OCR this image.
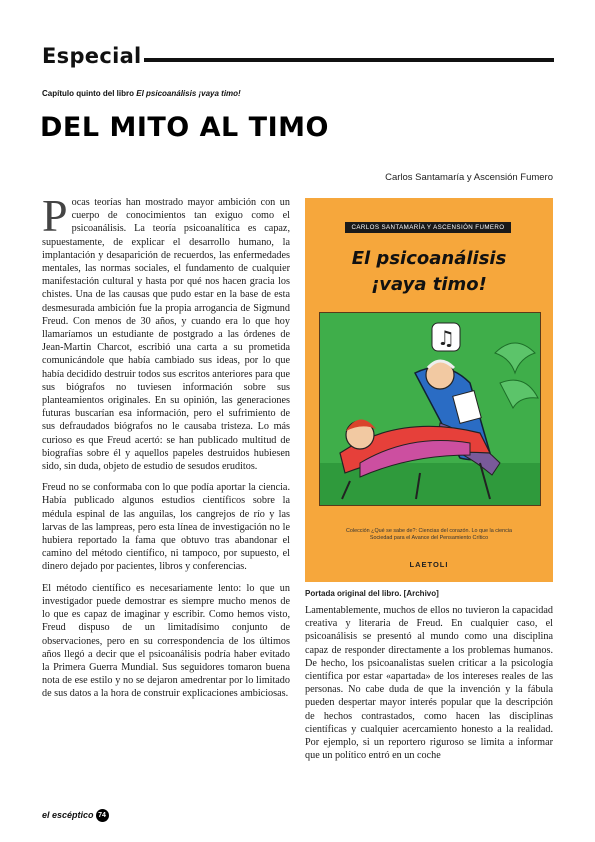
Especial
Capítulo quinto del libro El psicoanálisis ¡vaya timo!
DEL MITO AL TIMO
Carlos Santamaría y Ascensión Fumero

Pocas teorías han mostrado mayor ambición con un cuerpo de conocimientos tan exiguo como el psicoanálisis. La teoría psicoanalítica es capaz, supuestamente, de explicar el desarrollo humano, la implantación y desaparición de recuerdos, las enfermedades mentales, las normas sociales, el fundamento de cualquier manifestación cultural y hasta por qué nos hacen gracia los chistes. Una de las causas que pudo estar en la base de esta desmesurada ambición fue la propia arrogancia de Sigmund Freud. Con menos de 30 años, y cuando era lo que hoy llamaríamos un estudiante de postgrado a las órdenes de Jean-Martin Charcot, escribió una carta a su prometida comunicándole que había cambiado sus ideas, por lo que había decidido destruir todos sus escritos anteriores para que sus biógrafos no tuviesen información sobre sus planteamientos originales. En su opinión, las generaciones futuras buscarían esa información, pero el sufrimiento de sus defraudados biógrafos no le causaba tristeza. Lo más curioso es que Freud acertó: se han publicado multitud de biografías sobre él y aquellos papeles destruidos hubiesen sido, sin duda, objeto de estudio de sesudos eruditos.

Freud no se conformaba con lo que podía aportar la ciencia. Había publicado algunos estudios científicos sobre la médula espinal de las anguilas, los cangrejos de río y las larvas de las lampreas, pero esta línea de investigación no le hubiera reportado la fama que obtuvo tras abandonar el camino del método científico, ni tampoco, por supuesto, el dinero dejado por pacientes, libros y conferencias.

El método científico es necesariamente lento: lo que un investigador puede demostrar es siempre mucho menos de lo que es capaz de imaginar y escribir. Como hemos visto, Freud dispuso de un limitadísimo conjunto de observaciones, pero en su correspondencia de los últimos años llegó a decir que el psicoanálisis podría haber evitado la Primera Guerra Mundial. Sus seguidores tomaron buena nota de ese estilo y no se dejaron amedrentar por lo limitado de sus datos a la hora de construir explicaciones ambiciosas.

CARLOS SANTAMARÍA Y ASCENSIÓN FUMERO
El psicoanálisis
¡vaya timo!
♫
Colección ¿Qué se sabe de?: Ciencias del corazón. Lo que la ciencia
Sociedad para el Avance del Pensamiento Crítico
LAETOLI
Portada original del libro. [Archivo]

Lamentablemente, muchos de ellos no tuvieron la capacidad creativa y literaria de Freud. En cualquier caso, el psicoanálisis se presentó al mundo como una disciplina capaz de responder directamente a los problemas humanos. De hecho, los psicoanalistas suelen criticar a la psicología científica por estar «apartada» de los intereses reales de las personas. No cabe duda de que la invención y la fábula pueden despertar mayor interés popular que la descripción de hechos contrastados, como hacen las disciplinas científicas y cualquier acercamiento honesto a la realidad. Por ejemplo, si un reportero riguroso se limita a informar que un político entró en un coche

el escéptico 74
